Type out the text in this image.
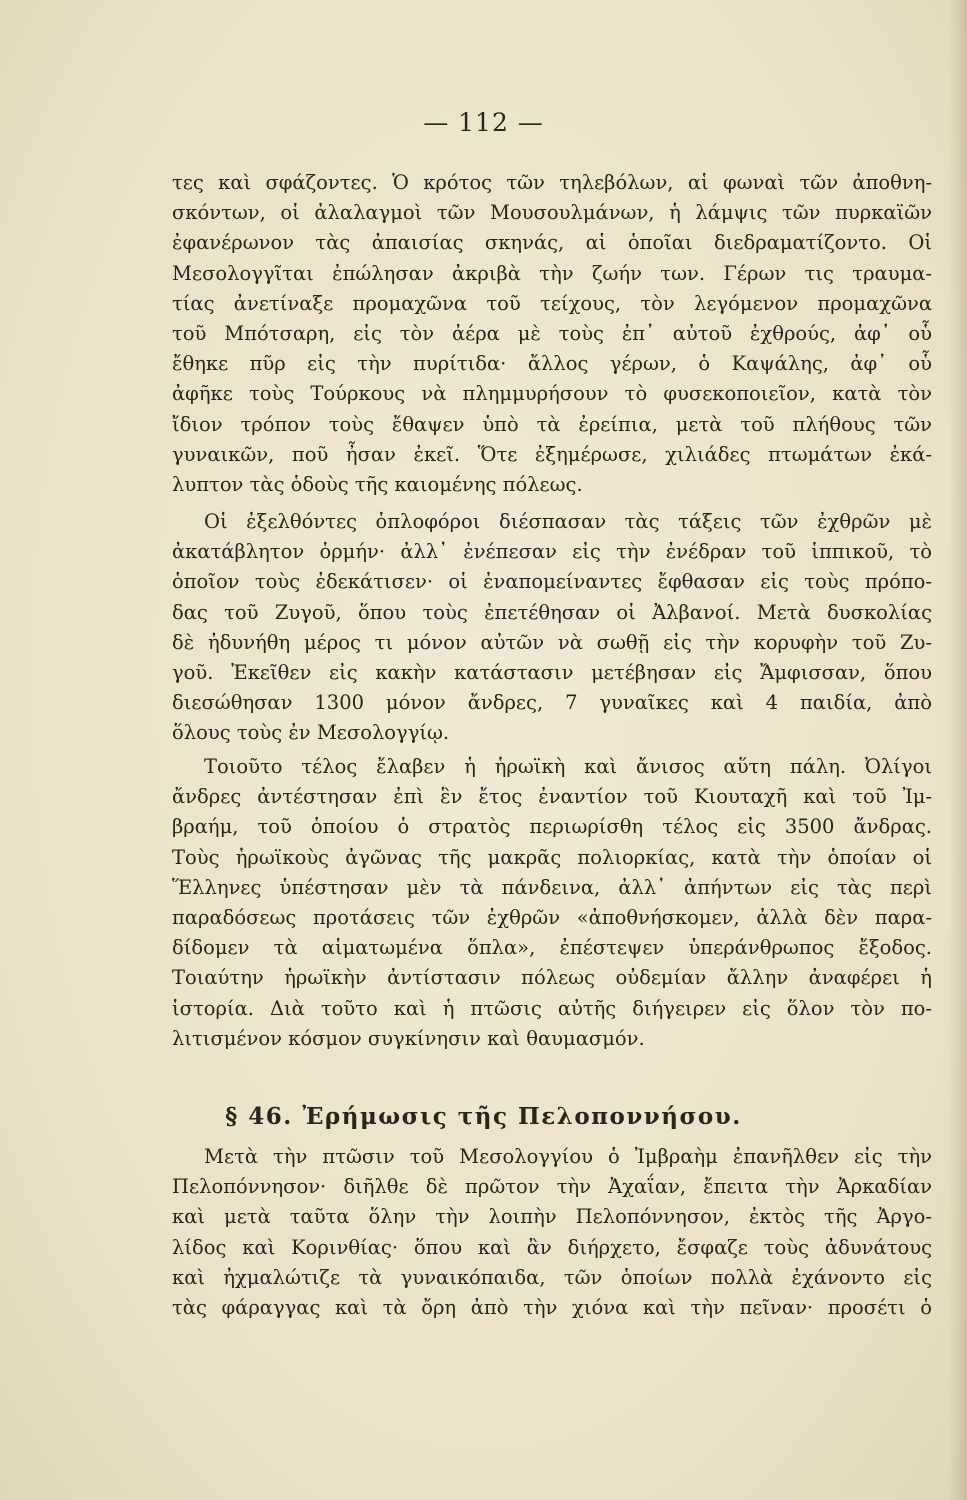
— 112 —
τες καὶ σφάζοντες. Ὁ κρότος τῶν τηλεβόλων, αἱ φωναὶ τῶν ἀποθνη-
σκόντων, οἱ ἀλαλαγμοὶ τῶν Μουσουλμάνων, ἡ λάμψις τῶν πυρκαϊῶν
ἐφανέρωνον τὰς ἀπαισίας σκηνάς, αἱ ὁποῖαι διεδραματίζοντο. Οἱ
Μεσολογγῖται ἐπώλησαν ἀκριβὰ τὴν ζωήν των. Γέρων τις τραυμα-
τίας ἀνετίναξε προμαχῶνα τοῦ τείχους, τὸν λεγόμενον προμαχῶνα
τοῦ Μπότσαρη, εἰς τὸν ἀέρα μὲ τοὺς ἐπ᾽ αὐτοῦ ἐχθρούς, ἀφ᾽ οὗ
ἔθηκε πῦρ εἰς τὴν πυρίτιδα· ἄλλος γέρων, ὁ Καψάλης, ἀφ᾽ οὗ
ἀφῆκε τοὺς Τούρκους νὰ πλημμυρήσουν τὸ φυσεκοποιεῖον, κατὰ τὸν
ἴδιον τρόπον τοὺς ἔθαψεν ὑπὸ τὰ ἐρείπια, μετὰ τοῦ πλήθους τῶν
γυναικῶν, ποῦ ἦσαν ἐκεῖ. Ὅτε ἐξημέρωσε, χιλιάδες πτωμάτων ἐκά-
λυπτον τὰς ὁδοὺς τῆς καιομένης πόλεως.
Οἱ ἐξελθόντες ὁπλοφόροι διέσπασαν τὰς τάξεις τῶν ἐχθρῶν μὲ
ἀκατάβλητον ὁρμήν· ἀλλ᾽ ἐνέπεσαν εἰς τὴν ἐνέδραν τοῦ ἱππικοῦ, τὸ
ὁποῖον τοὺς ἐδεκάτισεν· οἱ ἐναπομείναντες ἔφθασαν εἰς τοὺς πρόπο-
δας τοῦ Ζυγοῦ, ὅπου τοὺς ἐπετέθησαν οἱ Ἀλβανοί. Μετὰ δυσκολίας
δὲ ἠδυνήθη μέρος τι μόνον αὐτῶν νὰ σωθῇ εἰς τὴν κορυφὴν τοῦ Ζυ-
γοῦ. Ἐκεῖθεν εἰς κακὴν κατάστασιν μετέβησαν εἰς Ἄμφισσαν, ὅπου
διεσώθησαν 1300 μόνον ἄνδρες, 7 γυναῖκες καὶ 4 παιδία, ἀπὸ
ὅλους τοὺς ἐν Μεσολογγίῳ.
Τοιοῦτο τέλος ἔλαβεν ἡ ἡρωϊκὴ καὶ ἄνισος αὕτη πάλη. Ὀλίγοι
ἄνδρες ἀντέστησαν ἐπὶ ἓν ἔτος ἐναντίον τοῦ Κιουταχῆ καὶ τοῦ Ἰμ-
βραήμ, τοῦ ὁποίου ὁ στρατὸς περιωρίσθη τέλος εἰς 3500 ἄνδρας.
Τοὺς ἡρωϊκοὺς ἀγῶνας τῆς μακρᾶς πολιορκίας, κατὰ τὴν ὁποίαν οἱ
Ἕλληνες ὑπέστησαν μὲν τὰ πάνδεινα, ἀλλ᾽ ἀπήντων εἰς τὰς περὶ
παραδόσεως προτάσεις τῶν ἐχθρῶν «ἀποθνήσκομεν, ἀλλὰ δὲν παρα-
δίδομεν τὰ αἱματωμένα ὅπλα», ἐπέστεψεν ὑπεράνθρωπος ἔξοδος.
Τοιαύτην ἡρωϊκὴν ἀντίστασιν πόλεως οὐδεμίαν ἄλλην ἀναφέρει ἡ
ἱστορία. Διὰ τοῦτο καὶ ἡ πτῶσις αὐτῆς διήγειρεν εἰς ὅλον τὸν πο-
λιτισμένον κόσμον συγκίνησιν καὶ θαυμασμόν.
§ 46. Ἐρήμωσις τῆς Πελοποννήσου.
Μετὰ τὴν πτῶσιν τοῦ Μεσολογγίου ὁ Ἰμβραὴμ ἐπανῆλθεν εἰς τὴν
Πελοπόννησον· διῆλθε δὲ πρῶτον τὴν Ἀχαΐαν, ἔπειτα τὴν Ἀρκαδίαν
καὶ μετὰ ταῦτα ὅλην τὴν λοιπὴν Πελοπόννησον, ἐκτὸς τῆς Ἀργο-
λίδος καὶ Κορινθίας· ὅπου καὶ ἂν διήρχετο, ἔσφαζε τοὺς ἀδυνάτους
καὶ ἠχμαλώτιζε τὰ γυναικόπαιδα, τῶν ὁποίων πολλὰ ἐχάνοντο εἰς
τὰς φάραγγας καὶ τὰ ὄρη ἀπὸ τὴν χιόνα καὶ τὴν πεῖναν· προσέτι ὁ
